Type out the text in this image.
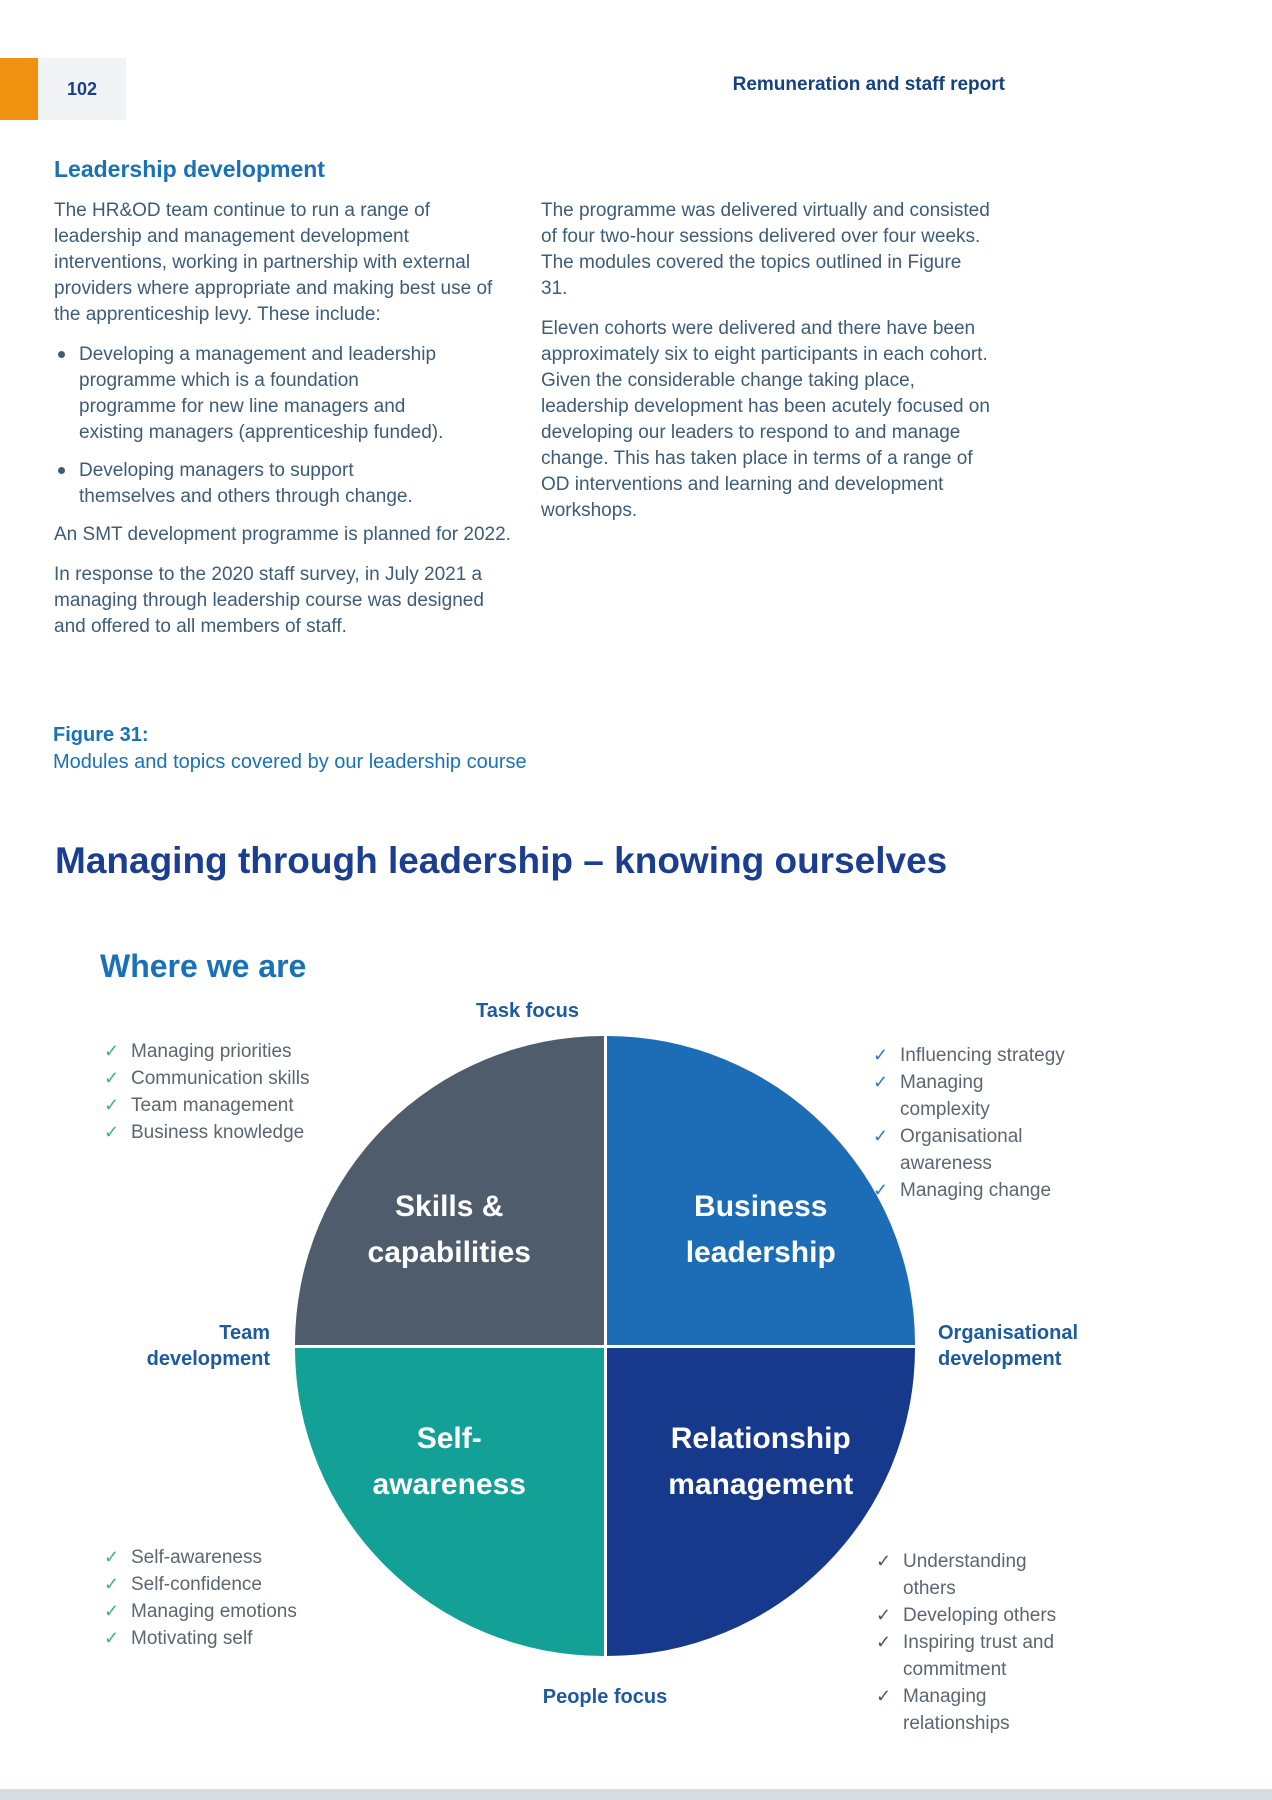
102	Remuneration and staff report
Leadership development

The HR&OD team continue to run a range of leadership and management development interventions, working in partnership with external providers where appropriate and making best use of the apprenticeship levy. These include:

Developing a management and leadership programme which is a foundation programme for new line managers and existing managers (apprenticeship funded).
Developing managers to support themselves and others through change.

An SMT development programme is planned for 2022.

In response to the 2020 staff survey, in July 2021 a managing through leadership course was designed and offered to all members of staff.

The programme was delivered virtually and consisted of four two-hour sessions delivered over four weeks. The modules covered the topics outlined in Figure 31.

Eleven cohorts were delivered and there have been approximately six to eight participants in each cohort. Given the considerable change taking place, leadership development has been acutely focused on developing our leaders to respond to and manage change. This has taken place in terms of a range of OD interventions and learning and development workshops.

Figure 31:
Modules and topics covered by our leadership course
Managing through leadership – knowing ourselves
Where we are
Task focus
People focus
Team
development
Organisational
development
Skills &
capabilities
Business
leadership
Self-
awareness
Relationship
management
✓ Managing priorities
✓ Communication skills
✓ Team management
✓ Business knowledge
✓ Influencing strategy
✓ Managing complexity
✓ Organisational
awareness
✓ Managing change
✓ Self-awareness
✓ Self-confidence
✓ Managing emotions
✓ Motivating self
✓ Understanding others
✓ Developing others
✓ Inspiring trust and
commitment
✓ Managing
relationships
